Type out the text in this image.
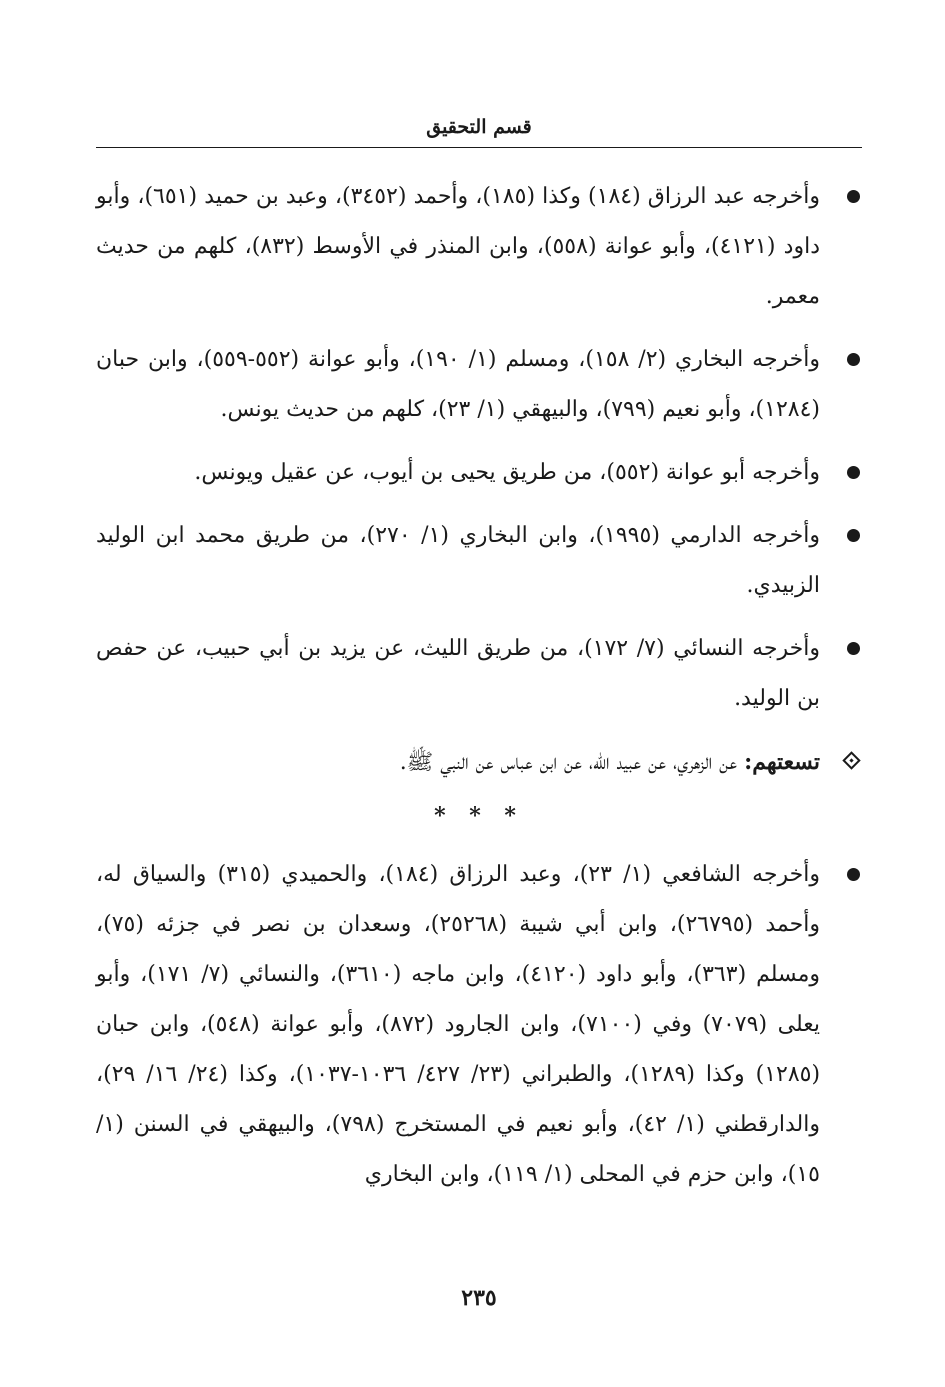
قسم التحقيق
وأخرجه عبد الرزاق (١٨٤) وكذا (١٨٥)، وأحمد (٣٤٥٢)، وعبد بن حميد (٦٥١)، وأبو داود (٤١٢١)، وأبو عوانة (٥٥٨)، وابن المنذر في الأوسط (٨٣٢)، كلهم من حديث معمر.
وأخرجه البخاري (٢/ ١٥٨)، ومسلم (١/ ١٩٠)، وأبو عوانة (٥٥٢-٥٥٩)، وابن حبان (١٢٨٤)، وأبو نعيم (٧٩٩)، والبيهقي (١/ ٢٣)، كلهم من حديث يونس.
وأخرجه أبو عوانة (٥٥٢)، من طريق يحيى بن أيوب، عن عقيل ويونس.
وأخرجه الدارمي (١٩٩٥)، وابن البخاري (١/ ٢٧٠)، من طريق محمد ابن الوليد الزبيدي.
وأخرجه النسائي (٧/ ١٧٢)، من طريق الليث، عن يزيد بن أبي حبيب، عن حفص بن الوليد.
تسعتهم: عن الزهري، عن عبيد الله، عن ابن عباس عن النبي ﷺ.
* * *
وأخرجه الشافعي (١/ ٢٣)، وعبد الرزاق (١٨٤)، والحميدي (٣١٥) والسياق له، وأحمد (٢٦٧٩٥)، وابن أبي شيبة (٢٥٢٦٨)، وسعدان بن نصر في جزئه (٧٥)، ومسلم (٣٦٣)، وأبو داود (٤١٢٠)، وابن ماجه (٣٦١٠)، والنسائي (٧/ ١٧١)، وأبو يعلى (٧٠٧٩) وفي (٧١٠٠)، وابن الجارود (٨٧٢)، وأبو عوانة (٥٤٨)، وابن حبان (١٢٨٥) وكذا (١٢٨٩)، والطبراني (٢٣/ ٤٢٧/ ١٠٣٦-١٠٣٧)، وكذا (٢٤/ ١٦/ ٢٩)، والدارقطني (١/ ٤٢)، وأبو نعيم في المستخرج (٧٩٨)، والبيهقي في السنن (١/ ١٥)، وابن حزم في المحلى (١/ ١١٩)، وابن البخاري
٢٣٥
